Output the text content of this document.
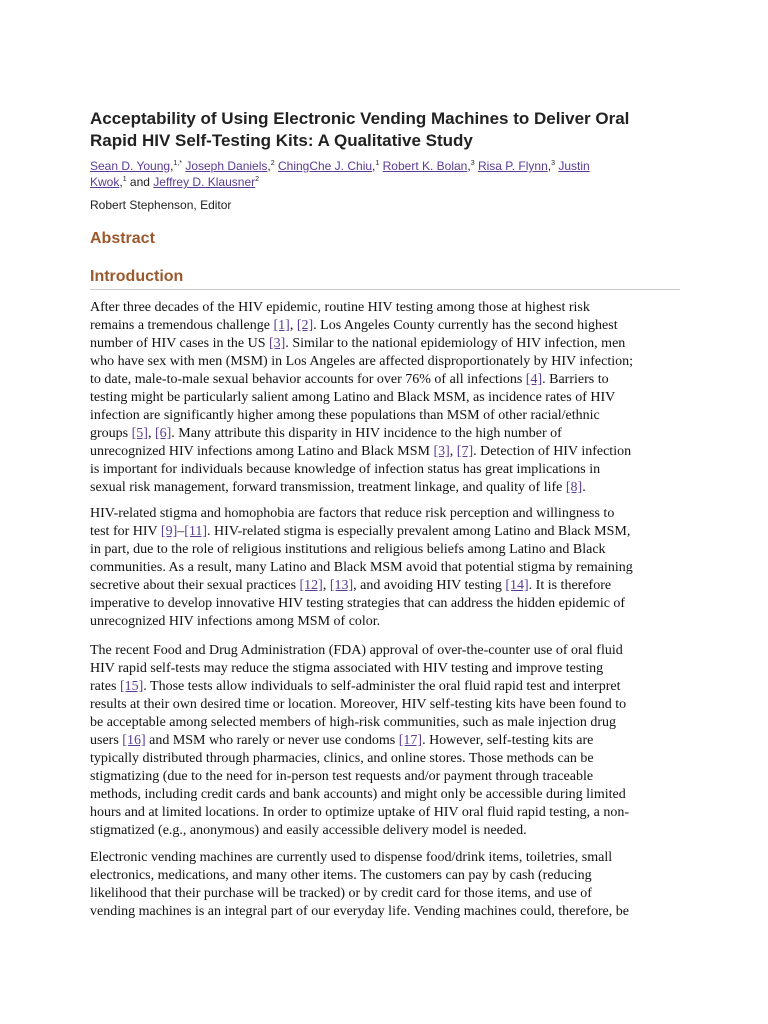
Acceptability of Using Electronic Vending Machines to Deliver Oral
Rapid HIV Self-Testing Kits: A Qualitative Study
Sean D. Young,$^{1,*}$ Joseph Daniels,$^2$ ChingChe J. Chiu,$^1$ Robert K. Bolan,$^3$ Risa P. Flynn,$^3$ Justin
Kwok,$^1$ and Jeffrey D. Klausner$^2$
Robert Stephenson, Editor
Abstract
Introduction

After three decades of the HIV epidemic, routine HIV testing among those at highest risk
remains a tremendous challenge [1], [2]. Los Angeles County currently has the second highest
number of HIV cases in the US [3]. Similar to the national epidemiology of HIV infection, men
who have sex with men (MSM) in Los Angeles are affected disproportionately by HIV infection;
to date, male-to-male sexual behavior accounts for over 76% of all infections [4]. Barriers to
testing might be particularly salient among Latino and Black MSM, as incidence rates of HIV
infection are significantly higher among these populations than MSM of other racial/ethnic
groups [5], [6]. Many attribute this disparity in HIV incidence to the high number of
unrecognized HIV infections among Latino and Black MSM [3], [7]. Detection of HIV infection
is important for individuals because knowledge of infection status has great implications in
sexual risk management, forward transmission, treatment linkage, and quality of life [8].

HIV-related stigma and homophobia are factors that reduce risk perception and willingness to
test for HIV [9]–[11]. HIV-related stigma is especially prevalent among Latino and Black MSM,
in part, due to the role of religious institutions and religious beliefs among Latino and Black
communities. As a result, many Latino and Black MSM avoid that potential stigma by remaining
secretive about their sexual practices [12], [13], and avoiding HIV testing [14]. It is therefore
imperative to develop innovative HIV testing strategies that can address the hidden epidemic of
unrecognized HIV infections among MSM of color.

The recent Food and Drug Administration (FDA) approval of over-the-counter use of oral fluid
HIV rapid self-tests may reduce the stigma associated with HIV testing and improve testing
rates [15]. Those tests allow individuals to self-administer the oral fluid rapid test and interpret
results at their own desired time or location. Moreover, HIV self-testing kits have been found to
be acceptable among selected members of high-risk communities, such as male injection drug
users [16] and MSM who rarely or never use condoms [17]. However, self-testing kits are
typically distributed through pharmacies, clinics, and online stores. Those methods can be
stigmatizing (due to the need for in-person test requests and/or payment through traceable
methods, including credit cards and bank accounts) and might only be accessible during limited
hours and at limited locations. In order to optimize uptake of HIV oral fluid rapid testing, a non-
stigmatized (e.g., anonymous) and easily accessible delivery model is needed.

Electronic vending machines are currently used to dispense food/drink items, toiletries, small
electronics, medications, and many other items. The customers can pay by cash (reducing
likelihood that their purchase will be tracked) or by credit card for those items, and use of
vending machines is an integral part of our everyday life. Vending machines could, therefore, be
